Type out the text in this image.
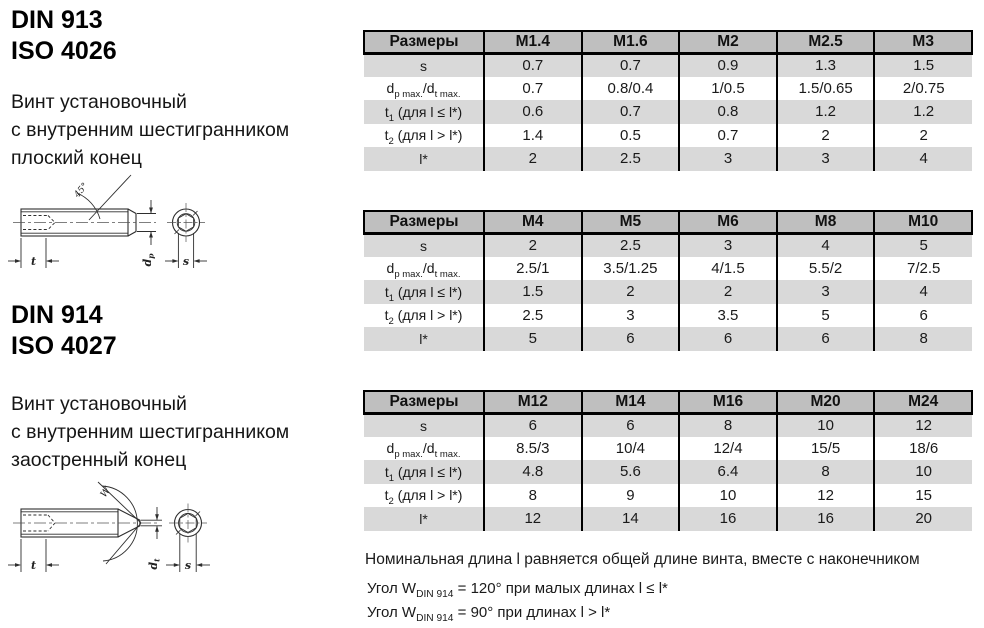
DIN 913
ISO 4026
Винт установочный
с внутренним шестигранником
плоский конец
45°
t	$d_p$ s
DIN 914
ISO 4027
Винт установочный
с внутренним шестигранником
заостренный конец
W
t	$d_t$ s
Размеры	M1.4	M1.6	M2	M2.5	M3
s	0.7	0.7	0.9	1.3	1.5
$d_{p max.}/d_{t max.}$	0.7	0.8/0.4	1/0.5	1.5/0.65	2/0.75
$t_1$ (для l ≤ l*)	0.6	0.7	0.8	1.2	1.2
$t_2$ (для l > l*)	1.4	0.5	0.7	2	2
l*	2	2.5	3	3	4
Размеры	M4	M5	M6	M8	M10
s	2	2.5	3	4	5
$d_{p max.}/d_{t max.}$	2.5/1	3.5/1.25	4/1.5	5.5/2	7/2.5
$t_1$ (для l ≤ l*)	1.5	2	2	3	4
$t_2$ (для l > l*)	2.5	3	3.5	5	6
l*	5	6	6	6	8
Размеры	M12	M14	M16	M20	M24
s	6	6	8	10	12
$d_{p max.}/d_{t max.}$	8.5/3	10/4	12/4	15/5	18/6
$t_1$ (для l ≤ l*)	4.8	5.6	6.4	8	10
$t_2$ (для l > l*)	8	9	10	12	15
l*	12	14	16	16	20
Номинальная длина l равняется общей длине винта, вместе с наконечником
Угол $W_{DIN 914} = 120^\circ$ при малых длинах l ≤ l*
Угол $W_{DIN 914} = 90^\circ$ при длинах l > l*
